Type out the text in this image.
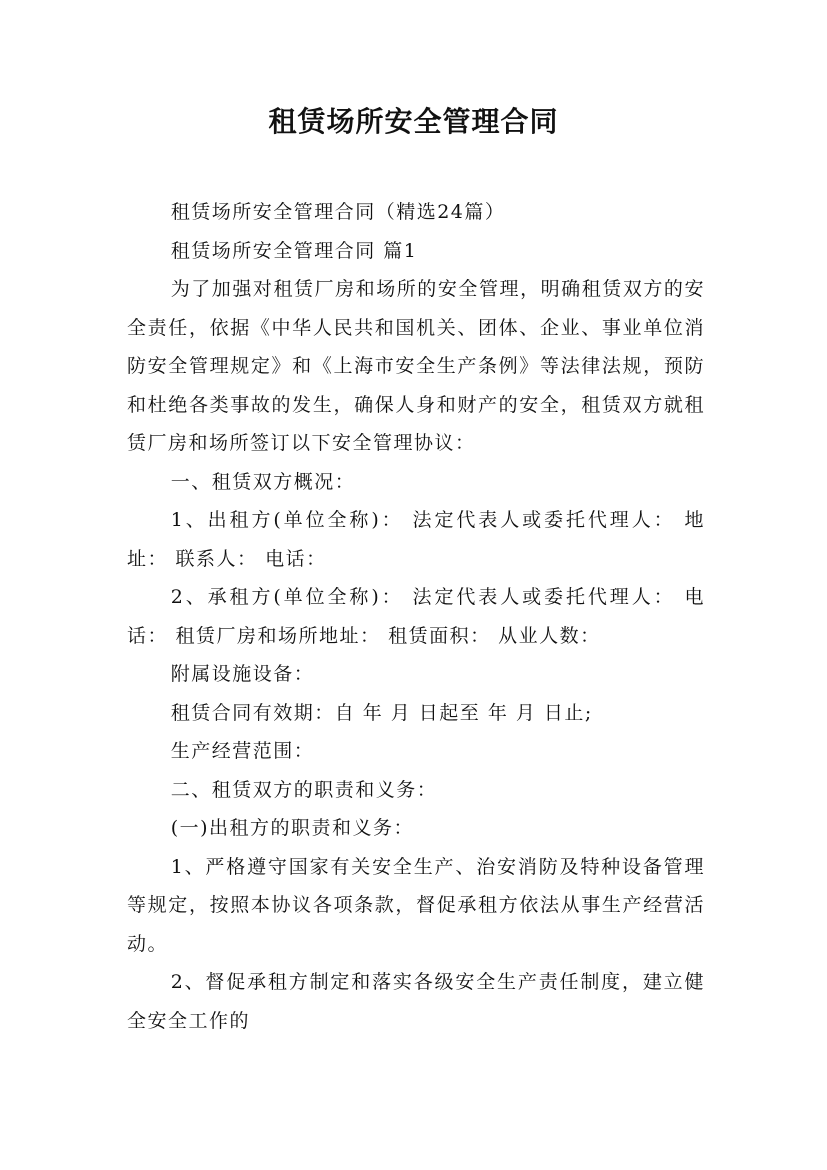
租赁场所安全管理合同

租赁场所安全管理合同（精选24篇）

租赁场所安全管理合同 篇1

为了加强对租赁厂房和场所的安全管理，明确租赁双方的安全责任，依据《中华人民共和国机关、团体、企业、事业单位消防安全管理规定》和《上海市安全生产条例》等法律法规，预防和杜绝各类事故的发生，确保人身和财产的安全，租赁双方就租赁厂房和场所签订以下安全管理协议：

一、租赁双方概况：

1、出租方(单位全称)： 法定代表人或委托代理人： 地址： 联系人： 电话：

2、承租方(单位全称)： 法定代表人或委托代理人： 电话： 租赁厂房和场所地址： 租赁面积： 从业人数：

附属设施设备：

租赁合同有效期：自 年 月 日起至 年 月 日止;

生产经营范围：

二、租赁双方的职责和义务：

(一)出租方的职责和义务：

1、严格遵守国家有关安全生产、治安消防及特种设备管理等规定，按照本协议各项条款，督促承租方依法从事生产经营活动。

2、督促承租方制定和落实各级安全生产责任制度，建立健全安全工作的
